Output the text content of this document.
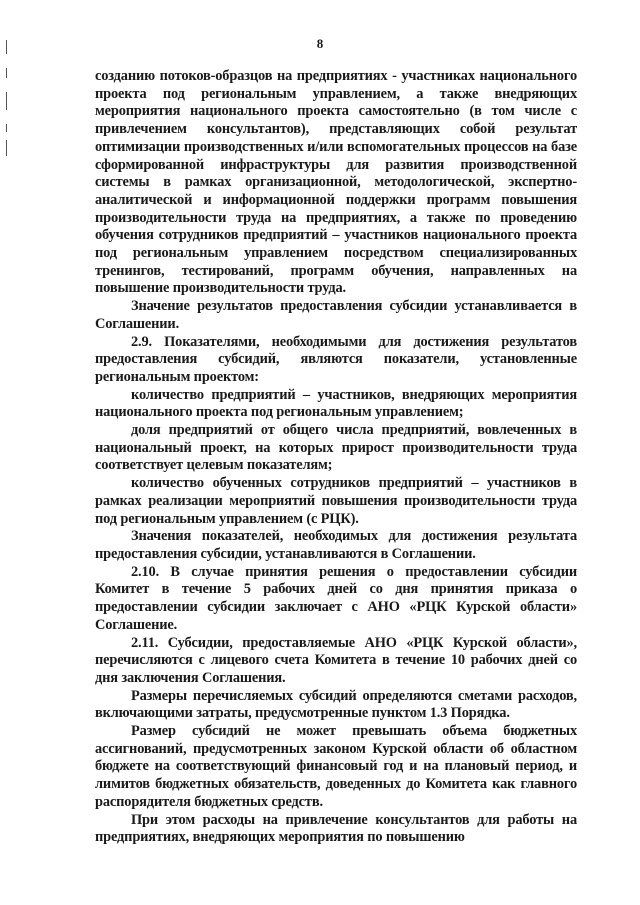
8

созданию потоков-образцов на предприятиях - участниках национального проекта под региональным управлением, а также внедряющих мероприятия национального проекта самостоятельно (в том числе с привлечением консультантов), представляющих собой результат оптимизации производственных и/или вспомогательных процессов на базе сформированной инфраструктуры для развития производственной системы в рамках организационной, методологической, экспертно-аналитической и информационной поддержки программ повышения производительности труда на предприятиях, а также по проведению обучения сотрудников предприятий – участников национального проекта под региональным управлением посредством специализированных тренингов, тестирований, программ обучения, направленных на повышение производительности труда.

Значение результатов предоставления субсидии устанавливается в Соглашении.

2.9. Показателями, необходимыми для достижения результатов предоставления субсидий, являются показатели, установленные региональным проектом:

количество предприятий – участников, внедряющих мероприятия национального проекта под региональным управлением;

доля предприятий от общего числа предприятий, вовлеченных в национальный проект, на которых прирост производительности труда соответствует целевым показателям;

количество обученных сотрудников предприятий – участников в рамках реализации мероприятий повышения производительности труда под региональным управлением (с РЦК).

Значения показателей, необходимых для достижения результата предоставления субсидии, устанавливаются в Соглашении.

2.10. В случае принятия решения о предоставлении субсидии Комитет в течение 5 рабочих дней со дня принятия приказа о предоставлении субсидии заключает с АНО «РЦК Курской области» Соглашение.

2.11. Субсидии, предоставляемые АНО «РЦК Курской области», перечисляются с лицевого счета Комитета в течение 10 рабочих дней со дня заключения Соглашения.

Размеры перечисляемых субсидий определяются сметами расходов, включающими затраты, предусмотренные пунктом 1.3 Порядка.

Размер субсидий не может превышать объема бюджетных ассигнований, предусмотренных законом Курской области об областном бюджете на соответствующий финансовый год и на плановый период, и лимитов бюджетных обязательств, доведенных до Комитета как главного распорядителя бюджетных средств.

При этом расходы на привлечение консультантов для работы на предприятиях, внедряющих мероприятия по повышению
